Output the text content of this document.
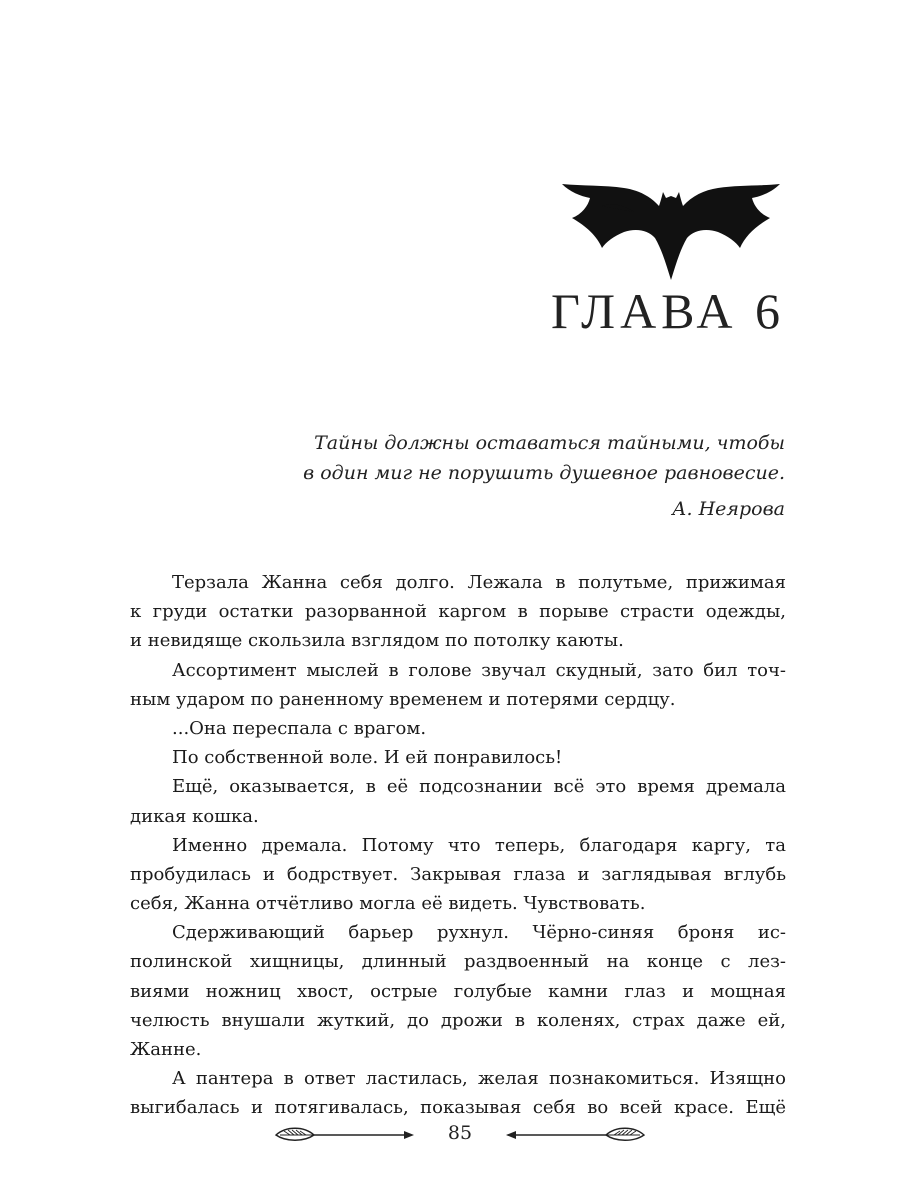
ГЛАВА 6
Тайны должны оставаться тайными, чтобы
в один миг не порушить душевное равновесие.
А. Неярова
Терзала Жанна себя долго. Лежала в полутьме, прижимая
к груди остатки разорванной каргом в порыве страсти одежды,
и невидяще скользила взглядом по потолку каюты.
Ассортимент мыслей в голове звучал скудный, зато бил точ-
ным ударом по раненному временем и потерями сердцу.
...Она переспала с врагом.
По собственной воле. И ей понравилось!
Ещё, оказывается, в её подсознании всё это время дремала
дикая кошка.
Именно дремала. Потому что теперь, благодаря каргу, та
пробудилась и бодрствует. Закрывая глаза и заглядывая вглубь
себя, Жанна отчётливо могла её видеть. Чувствовать.
Сдерживающий барьер рухнул. Чёрно-синяя броня ис-
полинской хищницы, длинный раздвоенный на конце с лез-
виями ножниц хвост, острые голубые камни глаз и мощная
челюсть внушали жуткий, до дрожи в коленях, страх даже ей,
Жанне.
А пантера в ответ ластилась, желая познакомиться. Изящно
выгибалась и потягивалась, показывая себя во всей красе. Ещё
85
